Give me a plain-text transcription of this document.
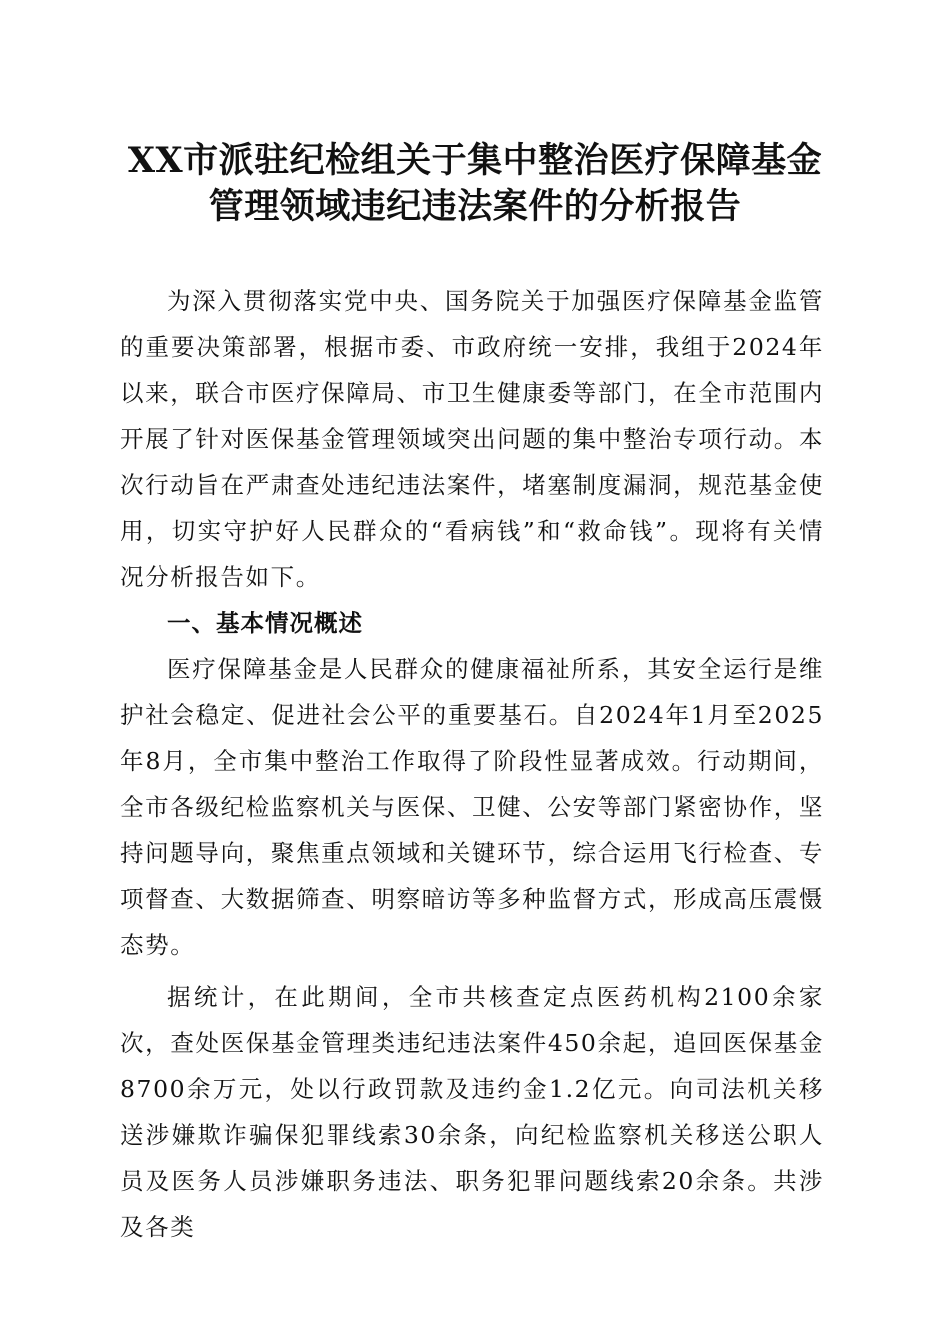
XX市派驻纪检组关于集中整治医疗保障基金
管理领域违纪违法案件的分析报告

为深入贯彻落实党中央、国务院关于加强医疗保障基金监管的重要决策部署，根据市委、市政府统一安排，我组于2024年以来，联合市医疗保障局、市卫生健康委等部门，在全市范围内开展了针对医保基金管理领域突出问题的集中整治专项行动。本次行动旨在严肃查处违纪违法案件，堵塞制度漏洞，规范基金使用，切实守护好人民群众的“看病钱”和“救命钱”。现将有关情况分析报告如下。

一、基本情况概述

医疗保障基金是人民群众的健康福祉所系，其安全运行是维护社会稳定、促进社会公平的重要基石。自2024年1月至2025年8月，全市集中整治工作取得了阶段性显著成效。行动期间，全市各级纪检监察机关与医保、卫健、公安等部门紧密协作，坚持问题导向，聚焦重点领域和关键环节，综合运用飞行检查、专项督查、大数据筛查、明察暗访等多种监督方式，形成高压震慑态势。

据统计，在此期间，全市共核查定点医药机构2100余家次，查处医保基金管理类违纪违法案件450余起，追回医保基金8700余万元，处以行政罚款及违约金1.2亿元。向司法机关移送涉嫌欺诈骗保犯罪线索30余条，向纪检监察机关移送公职人员及医务人员涉嫌职务违法、职务犯罪问题线索20余条。共涉及各类
